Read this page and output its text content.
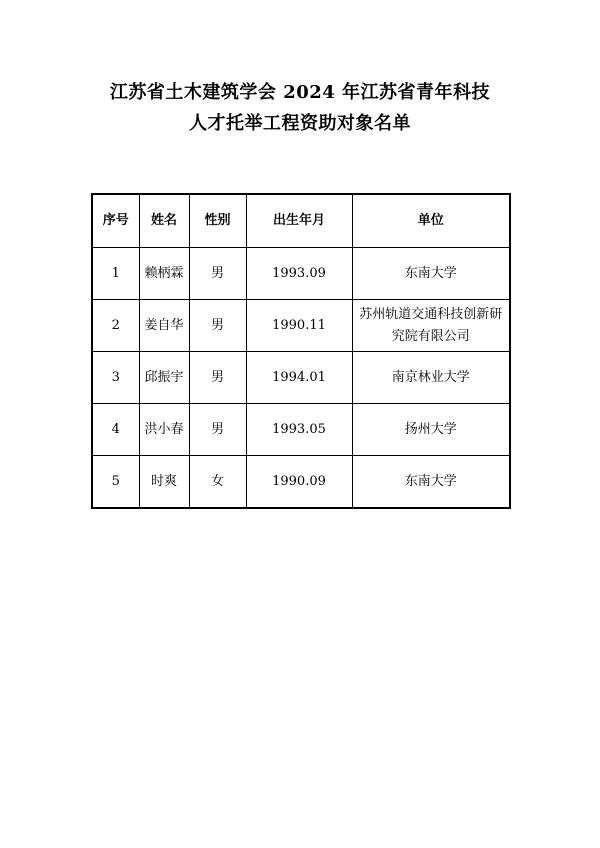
江苏省土木建筑学会 2024 年江苏省青年科技
人才托举工程资助对象名单
序号	姓名	性别	出生年月	单位
1	赖柄霖	男	1993.09	东南大学
2	姜自华	男	1990.11	苏州轨道交通科技创新研究院有限公司
3	邱振宇	男	1994.01	南京林业大学
4	洪小春	男	1993.05	扬州大学
5	时爽	女	1990.09	东南大学
